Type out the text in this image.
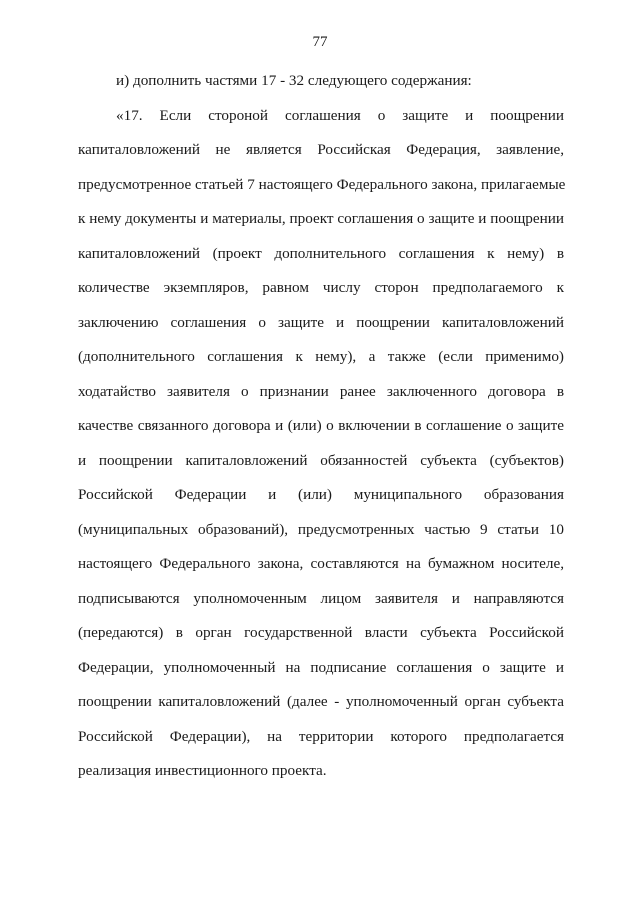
77

и) дополнить частями 17 - 32 следующего содержания:

«17. Если стороной соглашения о защите и поощрении
капиталовложений не является Российская Федерация, заявление,
предусмотренное статьей 7 настоящего Федерального закона, прилагаемые
к нему документы и материалы, проект соглашения о защите и поощрении
капиталовложений (проект дополнительного соглашения к нему) в
количестве экземпляров, равном числу сторон предполагаемого к
заключению соглашения о защите и поощрении капиталовложений
(дополнительного соглашения к нему), а также (если применимо)
ходатайство заявителя о признании ранее заключенного договора в
качестве связанного договора и (или) о включении в соглашение о защите
и поощрении капиталовложений обязанностей субъекта (субъектов)
Российской Федерации и (или) муниципального образования
(муниципальных образований), предусмотренных частью 9 статьи 10
настоящего Федерального закона, составляются на бумажном носителе,
подписываются уполномоченным лицом заявителя и направляются
(передаются) в орган государственной власти субъекта Российской
Федерации, уполномоченный на подписание соглашения о защите и
поощрении капиталовложений (далее - уполномоченный орган субъекта
Российской Федерации), на территории которого предполагается
реализация инвестиционного проекта.
